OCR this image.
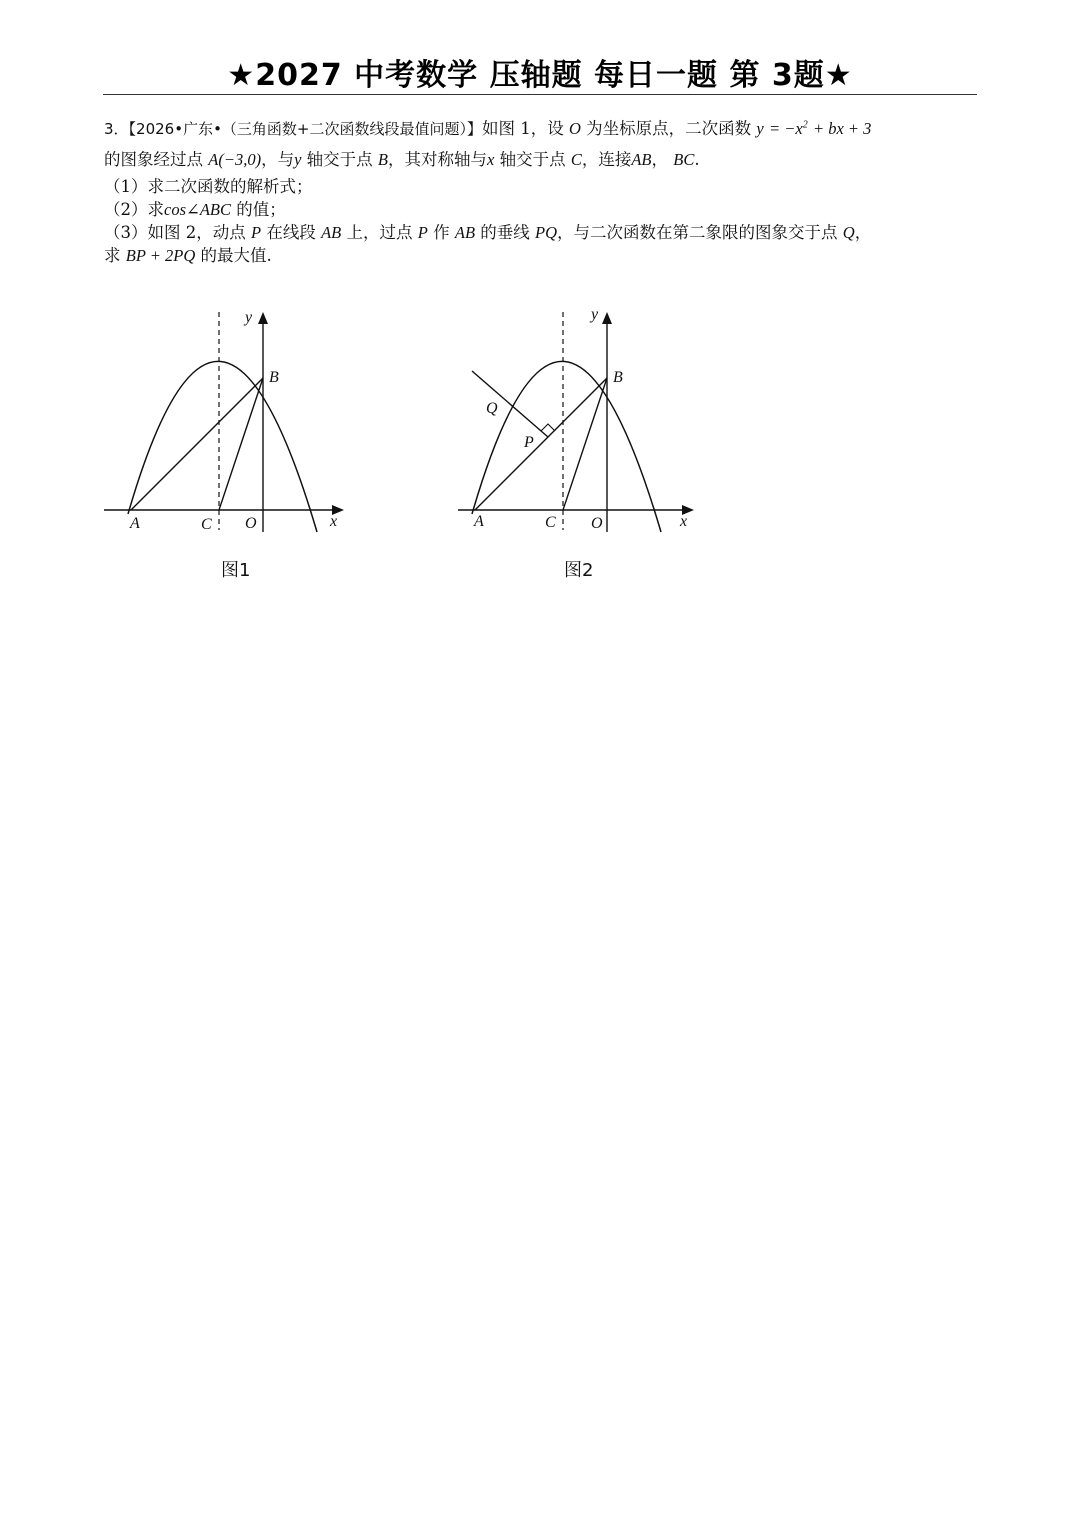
★2027 中考数学 压轴题 每日一题 第 3题★
3．【2026•广东•（三角函数+二次函数线段最值问题）】如图 1，设 O 为坐标原点，二次函数 $y = -x^2$ + bx + 3
的图象经过点 A(−3,0)，与y 轴交于点 B，其对称轴与x 轴交于点 C，连接AB， BC.
（1）求二次函数的解析式；
（2）求cos∠ABC 的值；
（3）如图 2，动点 P 在线段 AB 上，过点 P 作 AB 的垂线 PQ，与二次函数在第二象限的图象交于点 Q，
求 BP + 2PQ 的最大值.
A	C O
B
x
y
图1
Q
P
A	C O
B
x
y
图2
